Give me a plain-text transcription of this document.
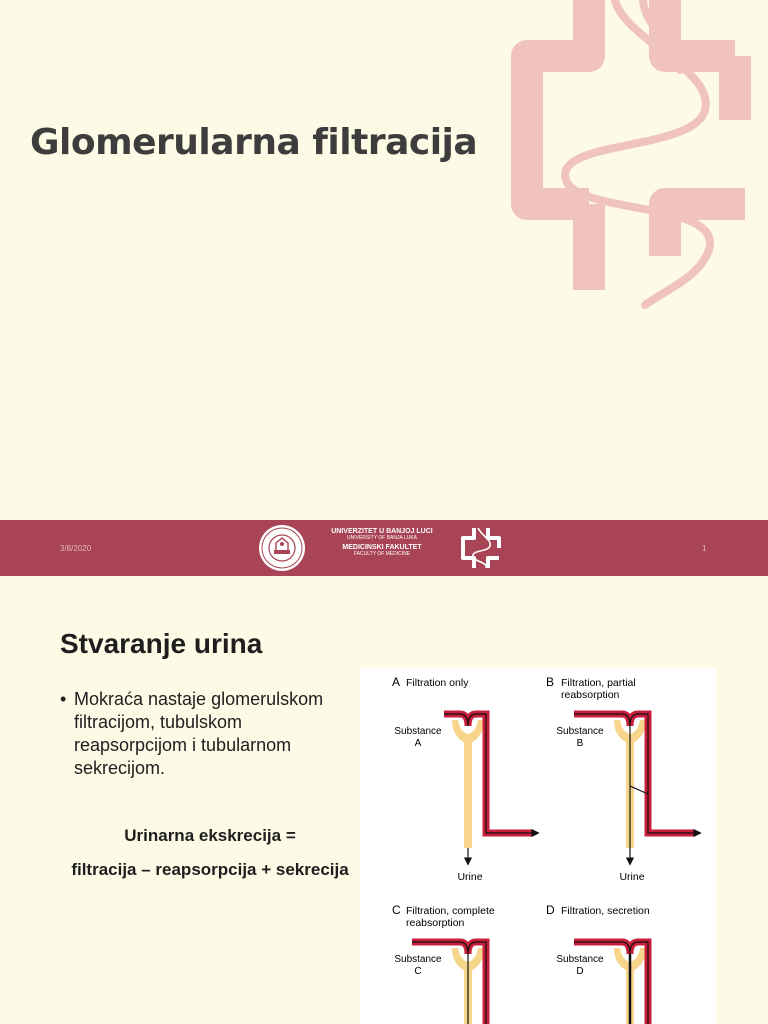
Glomerularna filtracija
3/8/2020
UNIVERZITET U BANJOJ LUCI
UNIVERSITY OF BANJA LUKA
MEDICINSKI FAKULTET
FACULTY OF MEDICINE
1
Stvaranje urina
• Mokraća nastaje glomerulskom filtracijom, tubulskom reapsorpcijom i tubularnom sekrecijom.
Urinarna ekskrecija =
filtracija – reapsorpcija + sekrecija
A Filtration only
Substance
A
Urine
B Filtration, partial
reabsorption
Substance
B
Urine
C Filtration, complete
reabsorption
Substance
C
D Filtration, secretion
Substance
D
